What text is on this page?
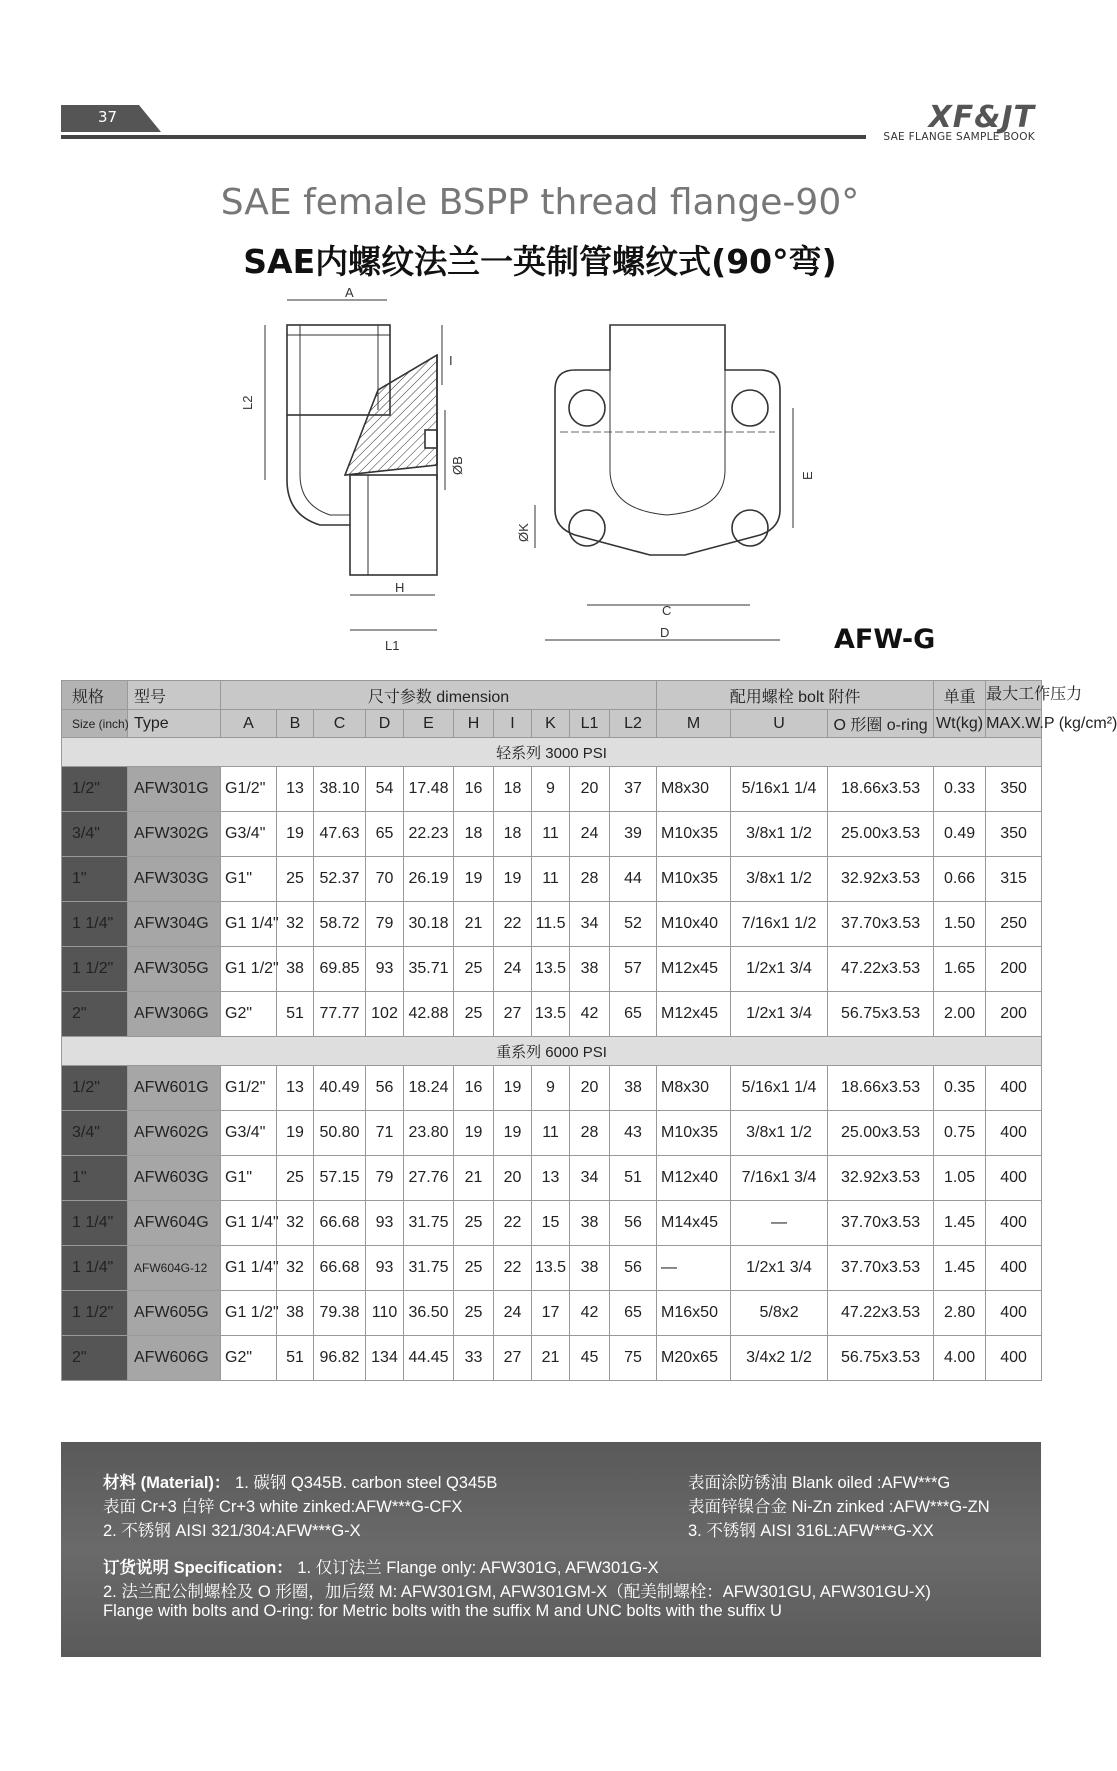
37	XF&JT
SAE FLANGE SAMPLE BOOK
SAE female BSPP thread flange-90°
SAE内螺纹法兰一英制管螺纹式(90°弯)
A
I
L2
ØB
H
L1
E
ØK
C
D	AFW-G
规格	型号	尺寸参数 dimension										配用螺栓 bolt 附件			单重	最大工作压力
Size (inch)	Type	A	B	C	D	E	H	I	K	L1	L2	M	U	O 形圈 o-ring	Wt(kg)	MAX.W.P (kg/cm²)
轻系列 3000 PSI																
1/2"	AFW301G	G1/2"	13	38.10	54	17.48	16	18	9	20	37	M8x30	5/16x1 1/4	18.66x3.53	0.33	350
3/4"	AFW302G	G3/4"	19	47.63	65	22.23	18	18	11	24	39	M10x35	3/8x1 1/2	25.00x3.53	0.49	350
1"	AFW303G	G1"	25	52.37	70	26.19	19	19	11	28	44	M10x35	3/8x1 1/2	32.92x3.53	0.66	315
1 1/4"	AFW304G	G1 1/4"	32	58.72	79	30.18	21	22	11.5	34	52	M10x40	7/16x1 1/2	37.70x3.53	1.50	250
1 1/2"	AFW305G	G1 1/2"	38	69.85	93	35.71	25	24	13.5	38	57	M12x45	1/2x1 3/4	47.22x3.53	1.65	200
2"	AFW306G	G2"	51	77.77	102	42.88	25	27	13.5	42	65	M12x45	1/2x1 3/4	56.75x3.53	2.00	200
重系列 6000 PSI																
1/2"	AFW601G	G1/2"	13	40.49	56	18.24	16	19	9	20	38	M8x30	5/16x1 1/4	18.66x3.53	0.35	400
3/4"	AFW602G	G3/4"	19	50.80	71	23.80	19	19	11	28	43	M10x35	3/8x1 1/2	25.00x3.53	0.75	400
1"	AFW603G	G1"	25	57.15	79	27.76	21	20	13	34	51	M12x40	7/16x1 3/4	32.92x3.53	1.05	400
1 1/4"	AFW604G	G1 1/4"	32	66.68	93	31.75	25	22	15	38	56	M14x45	—	37.70x3.53	1.45	400
1 1/4"	AFW604G-12	G1 1/4"	32	66.68	93	31.75	25	22	13.5	38	56	—	1/2x1 3/4	37.70x3.53	1.45	400
1 1/2"	AFW605G	G1 1/2"	38	79.38	110	36.50	25	24	17	42	65	M16x50	5/8x2	47.22x3.53	2.80	400
2"	AFW606G	G2"	51	96.82	134	44.45	33	27	21	45	75	M20x65	3/4x2 1/2	56.75x3.53	4.00	400
材料 (Material)： 1. 碳钢 Q345B. carbon steel Q345B	表面涂防锈油 Blank oiled :AFW***G
表面 Cr+3 白锌 Cr+3 white zinked:AFW***G-CFX	表面锌镍合金 Ni-Zn zinked :AFW***G-ZN
2. 不锈钢 AISI 321/304:AFW***G-X	3. 不锈钢 AISI 316L:AFW***G-XX
订货说明 Specification： 1. 仅订法兰 Flange only: AFW301G, AFW301G-X
2. 法兰配公制螺栓及 O 形圈，加后缀 M: AFW301GM, AFW301GM-X（配美制螺栓：AFW301GU, AFW301GU-X)
Flange with bolts and O-ring: for Metric bolts with the suffix M and UNC bolts with the suffix U
